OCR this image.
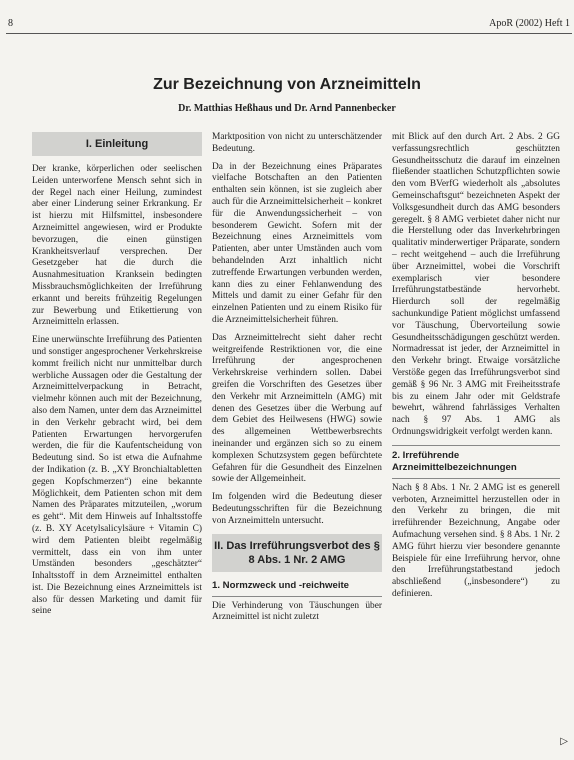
8	ApoR (2002) Heft 1
Zur Bezeichnung von Arzneimitteln
Dr. Matthias Heßhaus und Dr. Arnd Pannenbecker
I. Einleitung

Der kranke, körperlichen oder seelischen Leiden unterworfene Mensch sehnt sich in der Regel nach einer Heilung, zumindest aber einer Linderung seiner Erkrankung. Er ist hierzu mit Hilfsmittel, insbesondere Arzneimittel angewiesen, wird er Produkte bevorzugen, die einen günstigen Krankheitsverlauf versprechen. Der Gesetzgeber hat die durch die Ausnahmesituation Kranksein bedingten Missbrauchsmöglichkeiten der Irreführung erkannt und bereits frühzeitig Regelungen zur Bewerbung und Etikettierung von Arzneimitteln erlassen.

Eine unerwünschte Irreführung des Patienten und sonstiger angesprochener Verkehrskreise kommt freilich nicht nur unmittelbar durch werbliche Aussagen oder die Gestaltung der Arzneimittelverpackung in Betracht, vielmehr können auch mit der Bezeichnung, also dem Namen, unter dem das Arzneimittel in den Verkehr gebracht wird, bei dem Patienten Erwartungen hervorgerufen werden, die für die Kaufentscheidung von Bedeutung sind. So ist etwa die Aufnahme der Indikation (z. B. „XY Bronchialtabletten gegen Kopfschmerzen“) eine bekannte Möglichkeit, dem Patienten schon mit dem Namen des Präparates mitzuteilen, „worum es geht“. Mit dem Hinweis auf Inhaltsstoffe (z. B. XY Acetylsalicylsäure + Vitamin C) wird dem Patienten bleibt regelmäßig vermittelt, dass ein von ihm unter Umständen besonders „geschätzter“ Inhaltsstoff in dem Arzneimittel enthalten ist. Die Bezeichnung eines Arzneimittels ist also für dessen Marketing und damit für seine

Marktposition von nicht zu unterschätzender Bedeutung.

Da in der Bezeichnung eines Präparates vielfache Botschaften an den Patienten enthalten sein können, ist sie zugleich aber auch für die Arzneimittelsicherheit – konkret für die Anwendungssicherheit – von besonderem Gewicht. Sofern mit der Bezeichnung eines Arzneimittels vom Patienten, aber unter Umständen auch vom behandelnden Arzt inhaltlich nicht zutreffende Erwartungen verbunden werden, kann dies zu einer Fehlanwendung des Mittels und damit zu einer Gefahr für den einzelnen Patienten und zu einem Risiko für die Arzneimittelsicherheit führen.

Das Arzneimittelrecht sieht daher recht weitgreifende Restriktionen vor, die eine Irreführung der angesprochenen Verkehrskreise verhindern sollen. Dabei greifen die Vorschriften des Gesetzes über den Verkehr mit Arzneimitteln (AMG) mit denen des Gesetzes über die Werbung auf dem Gebiet des Heilwesens (HWG) sowie des allgemeinen Wettbewerbsrechts ineinander und ergänzen sich so zu einem komplexen Schutzsystem gegen befürchtete Gefahren für die Gesundheit des Einzelnen sowie der Allgemeinheit.

Im folgenden wird die Bedeutung dieser Bedeutungsschriften für die Bezeichnung von Arzneimitteln untersucht.

II. Das Irreführungsverbot des § 8 Abs. 1 Nr. 2 AMG
1. Normzweck und -reichweite

Die Verhinderung von Täuschungen über Arzneimittel ist nicht zuletzt

mit Blick auf den durch Art. 2 Abs. 2 GG verfassungsrechtlich geschützten Gesundheitsschutz die darauf im einzelnen fließender staatlichen Schutzpflichten sowie den vom BVerfG wiederholt als „absolutes Gemeinschaftsgut“ bezeichneten Aspekt der Volksgesundheit durch das AMG besonders geregelt. § 8 AMG verbietet daher nicht nur die Herstellung oder das Inverkehrbringen qualitativ minderwertiger Präparate, sondern – recht weitgehend – auch die Irreführung über Arzneimittel, wobei die Vorschrift exemplarisch vier besondere Irreführungstatbestände hervorhebt. Hierdurch soll der regelmäßig sachunkundige Patient möglichst umfassend vor Täuschung, Übervorteilung sowie Gesundheitsschädigungen geschützt werden. Normadressat ist jeder, der Arzneimittel in den Verkehr bringt. Etwaige vorsätzliche Verstöße gegen das Irreführungsverbot sind gemäß § 96 Nr. 3 AMG mit Freiheitsstrafe bis zu einem Jahr oder mit Geldstrafe bewehrt, während fahrlässiges Verhalten nach § 97 Abs. 1 AMG als Ordnungswidrigkeit verfolgt werden kann.

2. Irreführende Arzneimittelbezeichnungen

Nach § 8 Abs. 1 Nr. 2 AMG ist es generell verboten, Arzneimittel herzustellen oder in den Verkehr zu bringen, die mit irreführender Bezeichnung, Angabe oder Aufmachung versehen sind. § 8 Abs. 1 Nr. 2 AMG führt hierzu vier besondere genannte Beispiele für eine Irreführung hervor, ohne den Irreführungstatbestand jedoch abschließend („insbesondere“) zu definieren.

▷
